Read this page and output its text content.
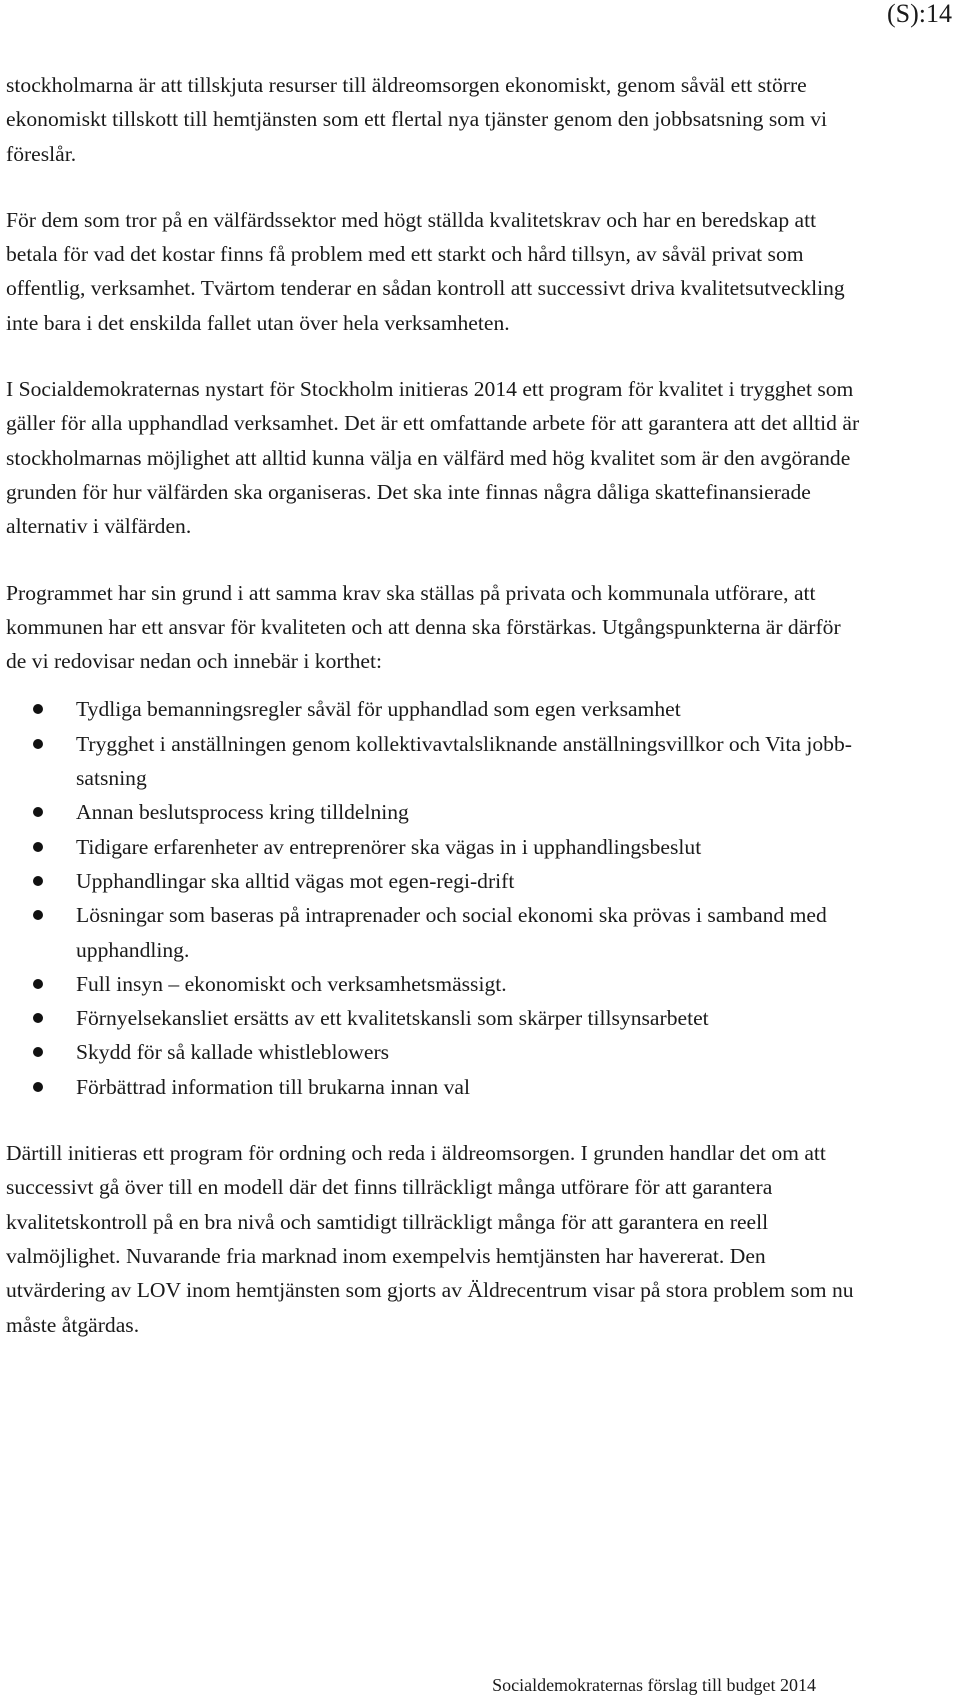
(S):14

stockholmarna är att tillskjuta resurser till äldreomsorgen ekonomiskt, genom såväl ett större ekonomiskt tillskott till hemtjänsten som ett flertal nya tjänster genom den jobbsatsning som vi föreslår.

För dem som tror på en välfärdssektor med högt ställda kvalitetskrav och har en beredskap att betala för vad det kostar finns få problem med ett starkt och hård tillsyn, av såväl privat som offentlig, verksamhet. Tvärtom tenderar en sådan kontroll att successivt driva kvalitetsutveckling inte bara i det enskilda fallet utan över hela verksamheten.

I Socialdemokraternas nystart för Stockholm initieras 2014 ett program för kvalitet i trygghet som gäller för alla upphandlad verksamhet. Det är ett omfattande arbete för att garantera att det alltid är stockholmarnas möjlighet att alltid kunna välja en välfärd med hög kvalitet som är den avgörande grunden för hur välfärden ska organiseras. Det ska inte finnas några dåliga skattefinansierade alternativ i välfärden.

Programmet har sin grund i att samma krav ska ställas på privata och kommunala utförare, att kommunen har ett ansvar för kvaliteten och att denna ska förstärkas. Utgångspunkterna är därför de vi redovisar nedan och innebär i korthet:

Tydliga bemanningsregler såväl för upphandlad som egen verksamhet
Trygghet i anställningen genom kollektivavtalsliknande anställningsvillkor och Vita jobb-satsning
Annan beslutsprocess kring tilldelning
Tidigare erfarenheter av entreprenörer ska vägas in i upphandlingsbeslut
Upphandlingar ska alltid vägas mot egen-regi-drift
Lösningar som baseras på intraprenader och social ekonomi ska prövas i samband med upphandling.
Full insyn – ekonomiskt och verksamhetsmässigt.
Förnyelsekansliet ersätts av ett kvalitetskansli som skärper tillsynsarbetet
Skydd för så kallade whistleblowers
Förbättrad information till brukarna innan val

Därtill initieras ett program för ordning och reda i äldreomsorgen. I grunden handlar det om att successivt gå över till en modell där det finns tillräckligt många utförare för att garantera kvalitetskontroll på en bra nivå och samtidigt tillräckligt många för att garantera en reell valmöjlighet. Nuvarande fria marknad inom exempelvis hemtjänsten har havererat. Den utvärdering av LOV inom hemtjänsten som gjorts av Äldrecentrum visar på stora problem som nu måste åtgärdas.

Socialdemokraternas förslag till budget 2014
